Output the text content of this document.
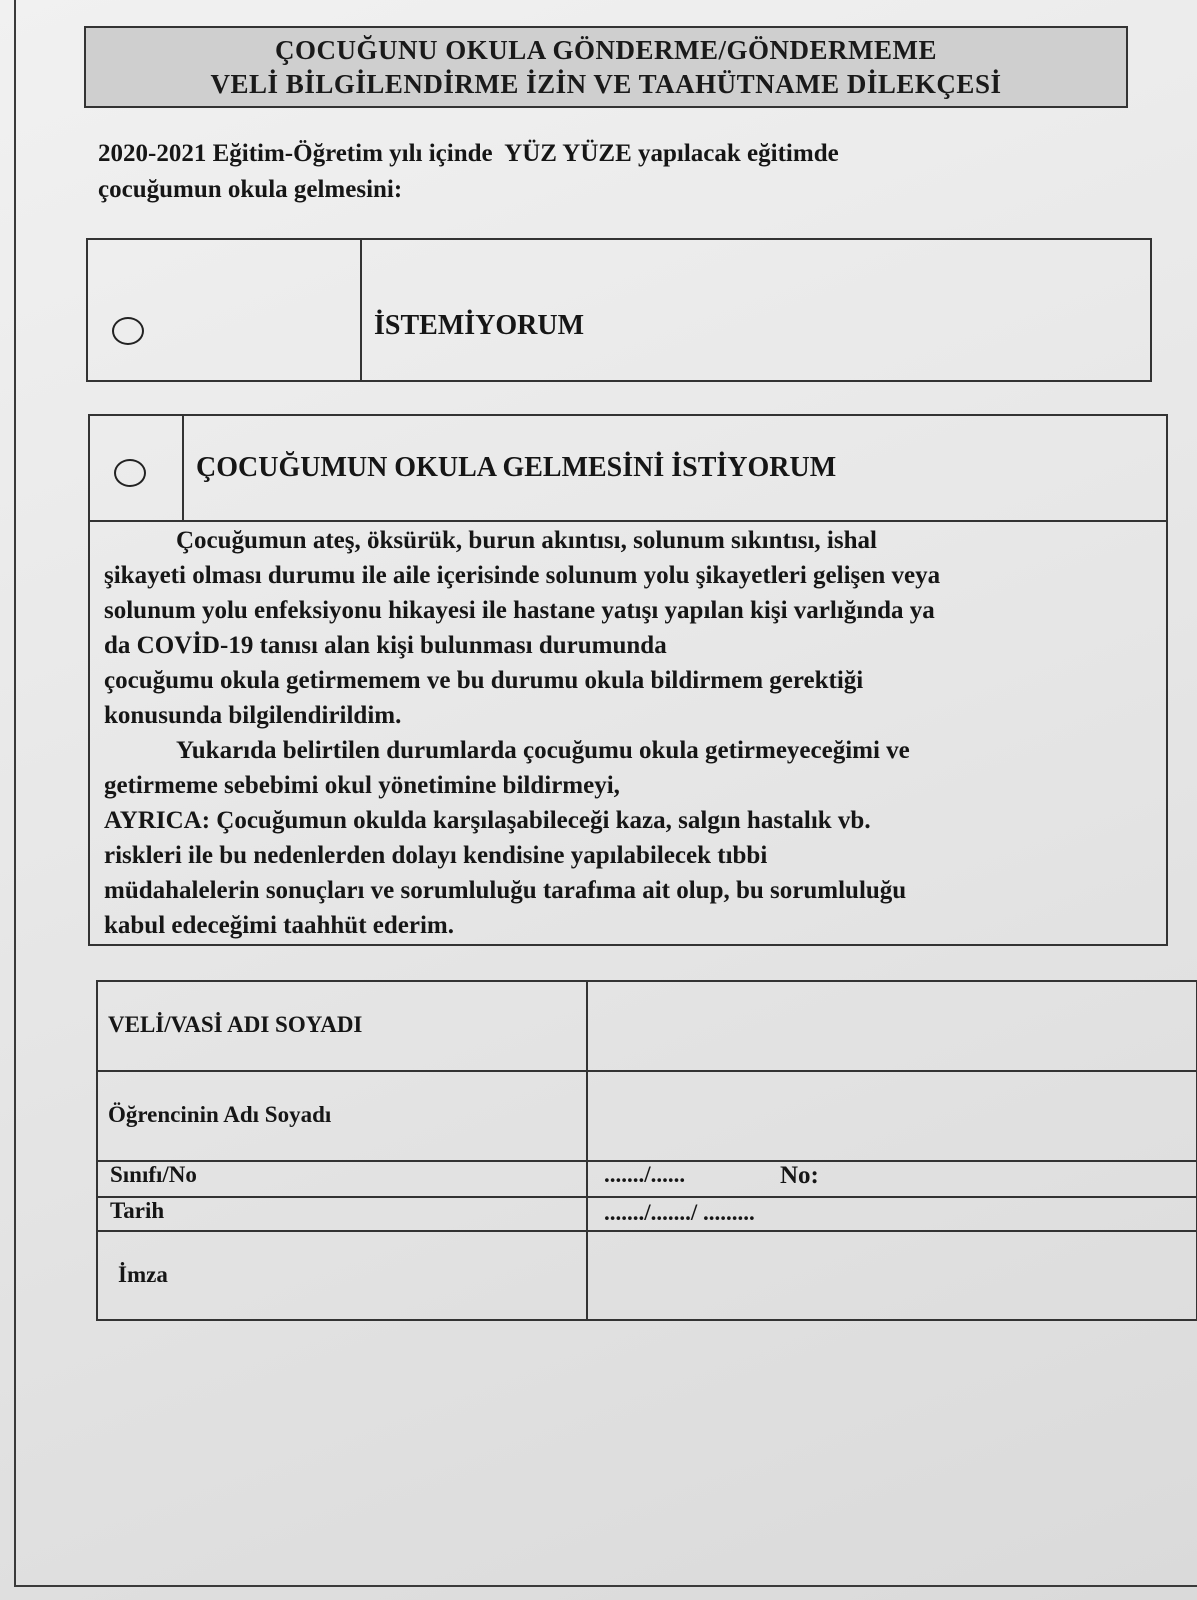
ÇOCUĞUNU OKULA GÖNDERME/GÖNDERMEME
VELİ BİLGİLENDİRME İZİN VE TAAHÜTNAME DİLEKÇESİ
2020-2021 Eğitim-Öğretim yılı içinde  YÜZ YÜZE yapılacak eğitimde
çocuğumun okula gelmesini:
İSTEMİYORUM
ÇOCUĞUMUN OKULA GELMESİNİ İSTİYORUM

Çocuğumun ateş, öksürük, burun akıntısı, solunum sıkıntısı, ishal
şikayeti olması durumu ile aile içerisinde solunum yolu şikayetleri gelişen veya
solunum yolu enfeksiyonu hikayesi ile hastane yatışı yapılan kişi varlığında ya
da COVİD-19 tanısı alan kişi bulunması durumunda
çocuğumu okula getirmemem ve bu durumu okula bildirmem gerektiği
konusunda bilgilendirildim.
Yukarıda belirtilen durumlarda çocuğumu okula getirmeyeceğimi ve
getirmeme sebebimi okul yönetimine bildirmeyi,
AYRICA: Çocuğumun okulda karşılaşabileceği kaza, salgın hastalık vb.
riskleri ile bu nedenlerden dolayı kendisine yapılabilecek tıbbi
müdahalelerin sonuçları ve sorumluluğu tarafıma ait olup, bu sorumluluğu
kabul edeceğimi taahhüt ederim.

VELİ/VASİ ADI SOYADI
Öğrencinin Adı Soyadı
Sınıfı/No	......./......	No:
Tarih	......./......./ .........
İmza
